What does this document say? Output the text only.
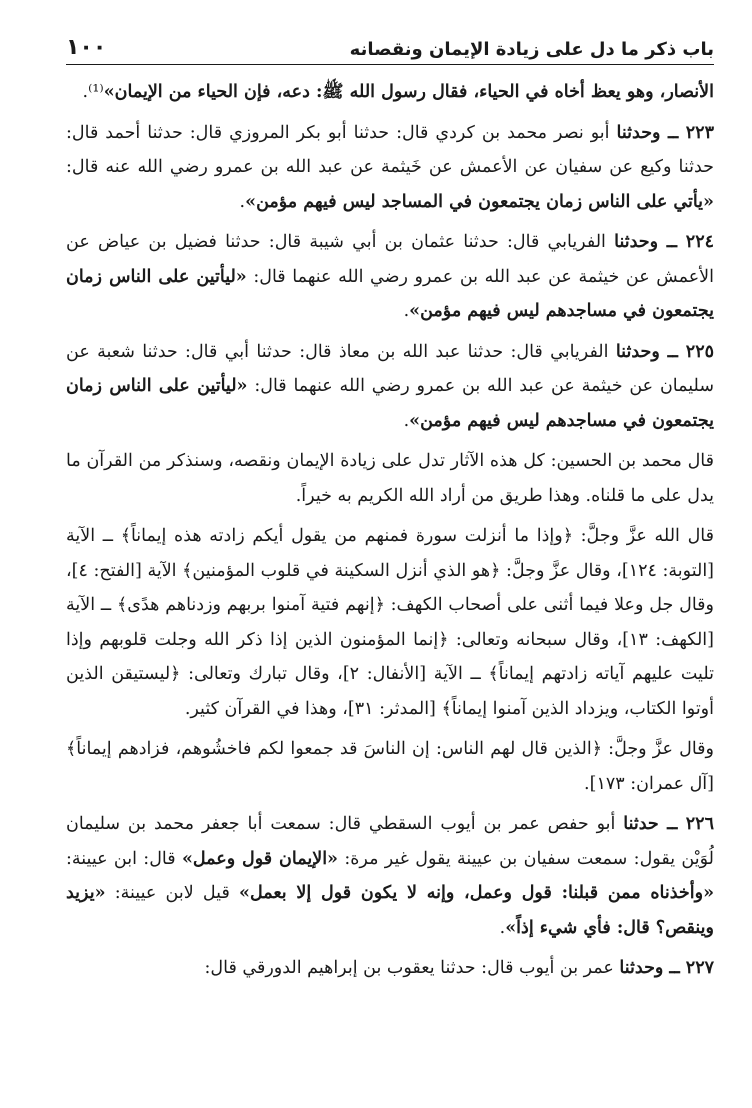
باب ذكر ما دل على زيادة الإيمان ونقصانه
١٠٠

الأنصار، وهو يعظ أخاه في الحياء، فقال رسول الله ﷺ: دعه، فإن الحياء من الإيمان»⁽¹⁾.

٢٢٣ ــ وحدثنا أبو نصر محمد بن كردي قال: حدثنا أبو بكر المروزي قال: حدثنا أحمد قال: حدثنا وكيع عن سفيان عن الأعمش عن خَيثمة عن عبد الله بن عمرو رضي الله عنه قال: «يأتي على الناس زمان يجتمعون في المساجد ليس فيهم مؤمن».

٢٢٤ ــ وحدثنا الفريابي قال: حدثنا عثمان بن أبي شيبة قال: حدثنا فضيل بن عياض عن الأعمش عن خيثمة عن عبد الله بن عمرو رضي الله عنهما قال: «ليأتين على الناس زمان يجتمعون في مساجدهم ليس فيهم مؤمن».

٢٢٥ ــ وحدثنا الفريابي قال: حدثنا عبد الله بن معاذ قال: حدثنا أبي قال: حدثنا شعبة عن سليمان عن خيثمة عن عبد الله بن عمرو رضي الله عنهما قال: «ليأتين على الناس زمان يجتمعون في مساجدهم ليس فيهم مؤمن».

قال محمد بن الحسين: كل هذه الآثار تدل على زيادة الإيمان ونقصه، وسنذكر من القرآن ما يدل على ما قلناه. وهذا طريق من أراد الله الكريم به خيراً.

قال الله عزَّ وجلَّ: ﴿وإذا ما أنزلت سورة فمنهم من يقول أيكم زادته هذه إيماناً﴾ ــ الآية [التوبة: ١٢٤]، وقال عزَّ وجلَّ: ﴿هو الذي أنزل السكينة في قلوب المؤمنين﴾ الآية [الفتح: ٤]، وقال جل وعلا فيما أثنى على أصحاب الكهف: ﴿إنهم فتية آمنوا بربهم وزدناهم هدًى﴾ ــ الآية [الكهف: ١٣]، وقال سبحانه وتعالى: ﴿إنما المؤمنون الذين إذا ذكر الله وجلت قلوبهم وإذا تليت عليهم آياته زادتهم إيماناً﴾ ــ الآية [الأنفال: ٢]، وقال تبارك وتعالى: ﴿ليستيقن الذين أوتوا الكتاب، ويزداد الذين آمنوا إيماناً﴾ [المدثر: ٣١]، وهذا في القرآن كثير.

وقال عزَّ وجلَّ: ﴿الذين قال لهم الناس: إن الناسَ قد جمعوا لكم فاخشُوهم، فزادهم إيماناً﴾ [آل عمران: ١٧٣].

٢٢٦ ــ حدثنا أبو حفص عمر بن أيوب السقطي قال: سمعت أبا جعفر محمد بن سليمان لُوَيْن يقول: سمعت سفيان بن عيينة يقول غير مرة: «الإيمان قول وعمل» قال: ابن عيينة: «وأخذناه ممن قبلنا: قول وعمل، وإنه لا يكون قول إلا بعمل» قيل لابن عيينة: «يزيد وينقص؟ قال: فأي شيء إذاً».

٢٢٧ ــ وحدثنا عمر بن أيوب قال: حدثنا يعقوب بن إبراهيم الدورقي قال:
